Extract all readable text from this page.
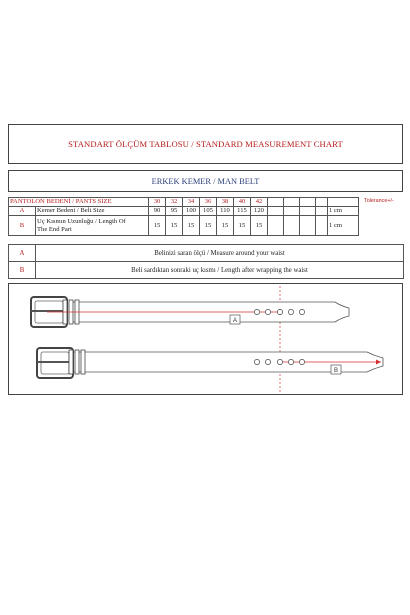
STANDART ÖLÇÜM TABLOSU / STANDARD MEASUREMENT CHART
ERKEK KEMER / MAN BELT
Tolerance+/-
PANTOLON BEDENİ / PANTS SIZE		30	32	34	36	38	40	42					
A	Kemer Bedeni / Belt Size	90	95	100	105	110	115	120					1 cm
B	Uç Kısmın Uzunluğu / Length Of
The End Part	15	15	15	15	15	15	15					1 cm
A	Belinizi saran ölçü / Measure around your waist
B	Beli sardıktan sonraki uç kısmı / Length after wrapping the waist
A
B
